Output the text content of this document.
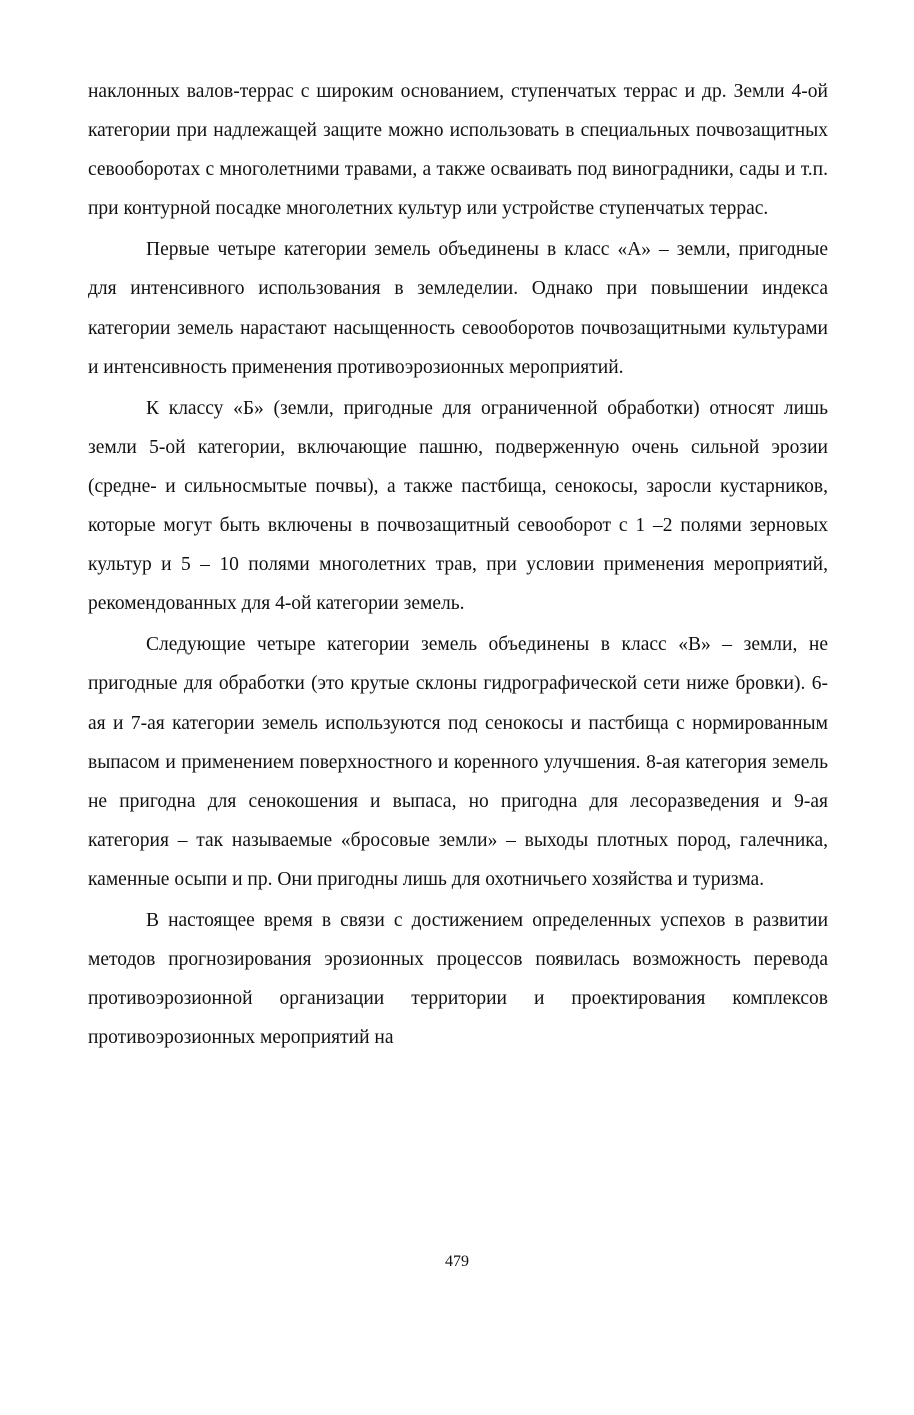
наклонных валов-террас с широким основанием, ступенчатых террас и др. Земли 4-ой категории при надлежащей защите можно использовать в специальных почвозащитных севооборотах с многолетними травами, а также осваивать под виноградники, сады и т.п. при контурной посадке многолетних культур или устройстве ступенчатых террас.

Первые четыре категории земель объединены в класс «А» – земли, пригодные для интенсивного использования в земледелии. Однако при повышении индекса категории земель нарастают насыщенность севооборотов почвозащитными культурами и интенсивность применения противоэрозионных мероприятий.

К классу «Б» (земли, пригодные для ограниченной обработки) относят лишь земли 5-ой категории, включающие пашню, подверженную очень сильной эрозии (средне- и сильносмытые почвы), а также пастбища, сенокосы, заросли кустарников, которые могут быть включены в почвозащитный севооборот с 1 –2 полями зерновых культур и 5 – 10 полями многолетних трав, при условии применения мероприятий, рекомендованных для 4-ой категории земель.

Следующие четыре категории земель объединены в класс «В» – земли, не пригодные для обработки (это крутые склоны гидрографической сети ниже бровки). 6-ая и 7-ая категории земель используются под сенокосы и пастбища с нормированным выпасом и применением поверхностного и коренного улучшения. 8-ая категория земель не пригодна для сенокошения и выпаса, но пригодна для лесоразведения и 9-ая категория – так называемые «бросовые земли» – выходы плотных пород, галечника, каменные осыпи и пр. Они пригодны лишь для охотничьего хозяйства и туризма.

В настоящее время в связи с достижением определенных успехов в развитии методов прогнозирования эрозионных процессов появилась возможность перевода противоэрозионной организации территории и проектирования комплексов противоэрозионных мероприятий на

479
